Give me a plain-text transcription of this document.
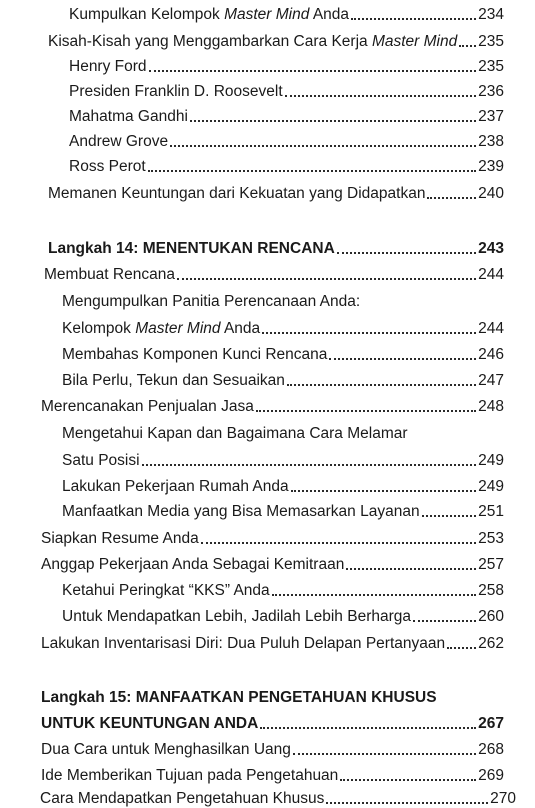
Kumpulkan Kelompok Master Mind Anda	234
Kisah-Kisah yang Menggambarkan Cara Kerja Master Mind 235
Henry Ford	235
Presiden Franklin D. Roosevelt	236
Mahatma Gandhi	237
Andrew Grove	238
Ross Perot	239
Memanen Keuntungan dari Kekuatan yang Didapatkan	240
Langkah 14: MENENTUKAN RENCANA	243
Membuat Rencana	244
Mengumpulkan Panitia Perencanaan Anda:
Kelompok Master Mind Anda	244
Membahas Komponen Kunci Rencana	246
Bila Perlu, Tekun dan Sesuaikan	247
Merencanakan Penjualan Jasa	248
Mengetahui Kapan dan Bagaimana Cara Melamar
Satu Posisi	249
Lakukan Pekerjaan Rumah Anda	249
Manfaatkan Media yang Bisa Memasarkan Layanan	251
Siapkan Resume Anda	253
Anggap Pekerjaan Anda Sebagai Kemitraan	257
Ketahui Peringkat “KKS” Anda	258
Untuk Mendapatkan Lebih, Jadilah Lebih Berharga	260
Lakukan Inventarisasi Diri: Dua Puluh Delapan Pertanyaan 262
Langkah 15: MANFAATKAN PENGETAHUAN KHUSUS
UNTUK KEUNTUNGAN ANDA	267
Dua Cara untuk Menghasilkan Uang	268
Ide Memberikan Tujuan pada Pengetahuan	269
Cara Mendapatkan Pengetahuan Khusus	270
